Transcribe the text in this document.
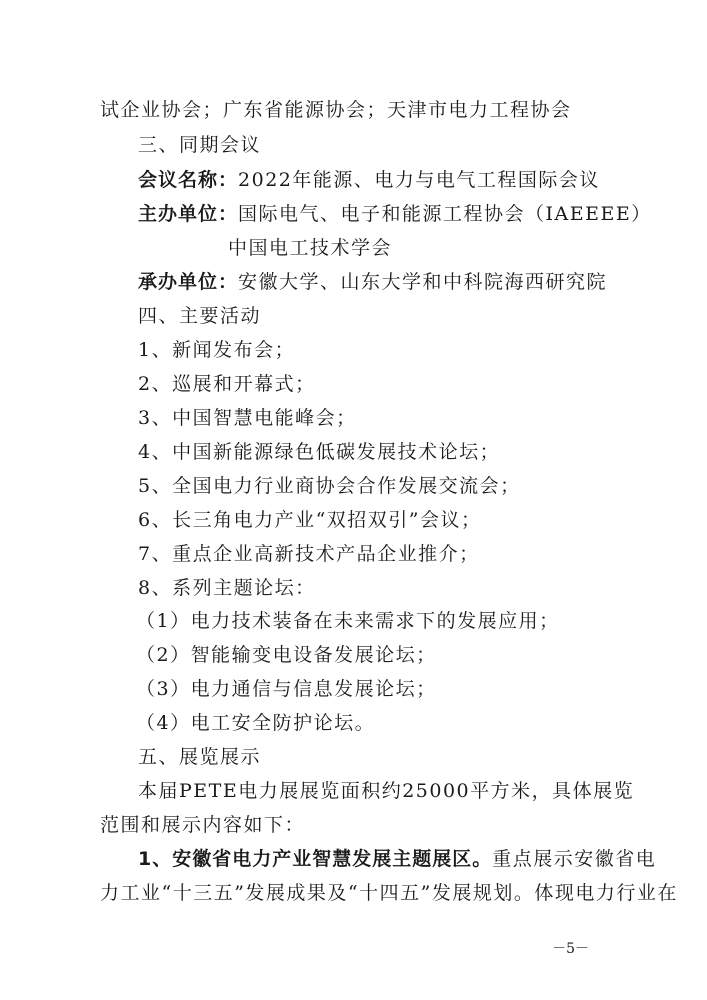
试企业协会；广东省能源协会；天津市电力工程协会
三、同期会议
会议名称：2022年能源、电力与电气工程国际会议
主办单位：国际电气、电子和能源工程协会（IAEEEE）
中国电工技术学会
承办单位：安徽大学、山东大学和中科院海西研究院
四、主要活动
1、新闻发布会；
2、巡展和开幕式；
3、中国智慧电能峰会；
4、中国新能源绿色低碳发展技术论坛；
5、全国电力行业商协会合作发展交流会；
6、长三角电力产业“双招双引”会议；
7、重点企业高新技术产品企业推介；
8、系列主题论坛：
（1）电力技术装备在未来需求下的发展应用；
（2）智能输变电设备发展论坛；
（3）电力通信与信息发展论坛；
（4）电工安全防护论坛。
五、展览展示
本届PETE电力展展览面积约25000平方米，具体展览
范围和展示内容如下：
1、安徽省电力产业智慧发展主题展区。重点展示安徽省电
力工业“十三五”发展成果及“十四五”发展规划。体现电力行业在
－5－
